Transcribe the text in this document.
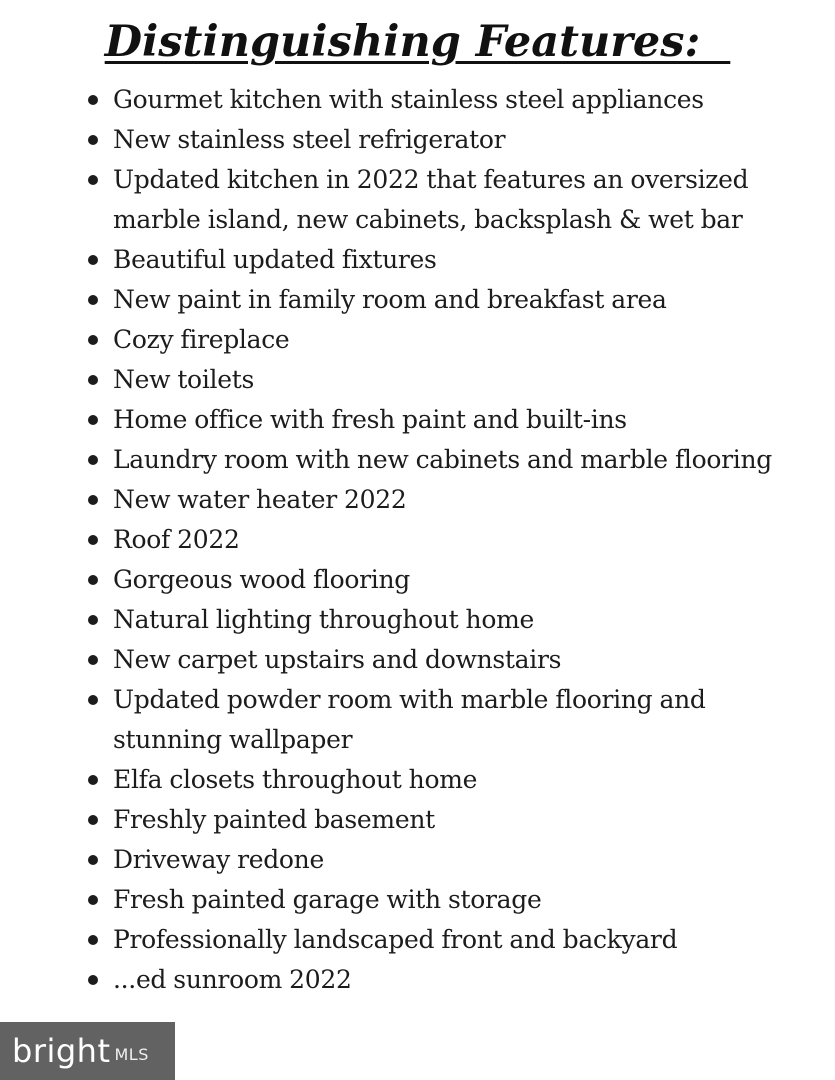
Distinguishing Features:
Gourmet kitchen with stainless steel appliances
New stainless steel refrigerator
Updated kitchen in 2022 that features an oversized marble island, new cabinets, backsplash & wet bar
Beautiful updated fixtures
New paint in family room and breakfast area
Cozy fireplace
New toilets
Home office with fresh paint and built-ins
Laundry room with new cabinets and marble flooring
New water heater 2022
Roof 2022
Gorgeous wood flooring
Natural lighting throughout home
New carpet upstairs and downstairs
Updated powder room with marble flooring and stunning wallpaper
Elfa closets throughout home
Freshly painted basement
Driveway redone
Fresh painted garage with storage
Professionally landscaped front and backyard
...ed sunroom 2022
bright MLS
